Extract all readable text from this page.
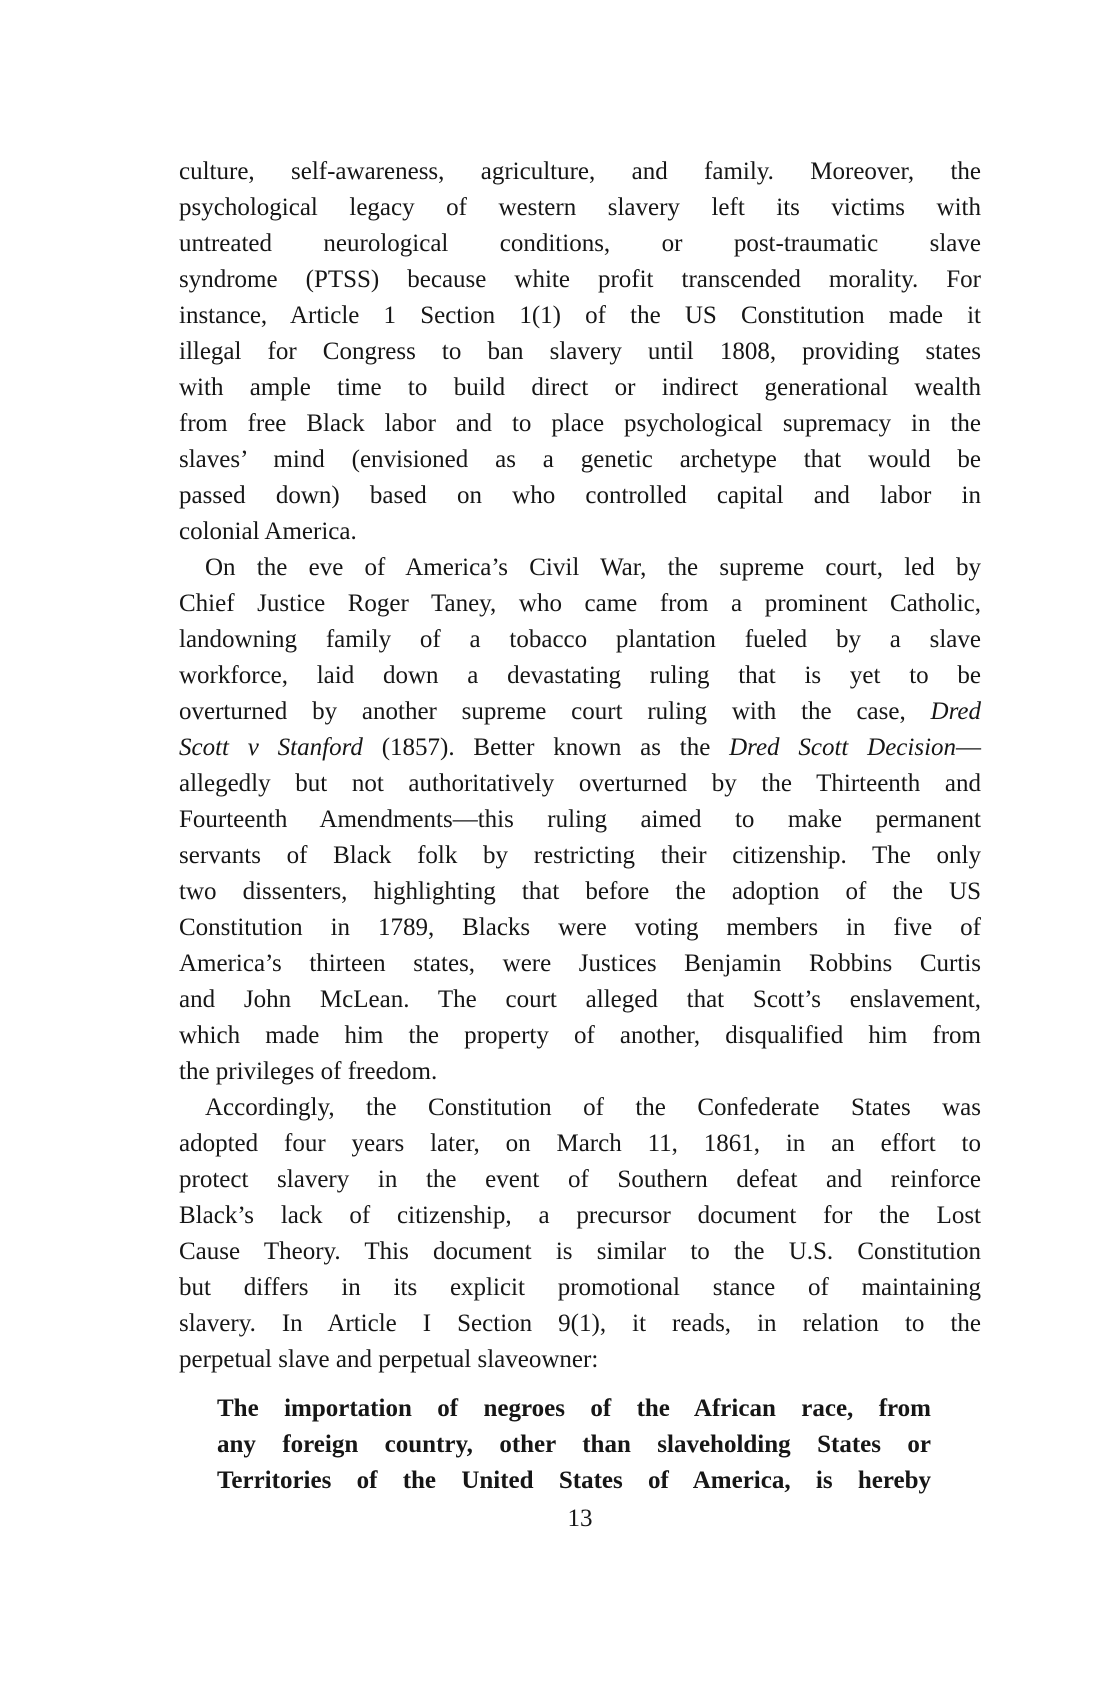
culture, self-awareness, agriculture, and family. Moreover, the
psychological legacy of western slavery left its victims with
untreated neurological conditions, or post-traumatic slave
syndrome (PTSS) because white profit transcended morality. For
instance, Article 1 Section 1(1) of the US Constitution made it
illegal for Congress to ban slavery until 1808, providing states
with ample time to build direct or indirect generational wealth
from free Black labor and to place psychological supremacy in the
slaves’ mind (envisioned as a genetic archetype that would be
passed down) based on who controlled capital and labor in
colonial America.
On the eve of America’s Civil War, the supreme court, led by
Chief Justice Roger Taney, who came from a prominent Catholic,
landowning family of a tobacco plantation fueled by a slave
workforce, laid down a devastating ruling that is yet to be
overturned by another supreme court ruling with the case, Dred
Scott v Stanford (1857). Better known as the Dred Scott Decision—
allegedly but not authoritatively overturned by the Thirteenth and
Fourteenth Amendments—this ruling aimed to make permanent
servants of Black folk by restricting their citizenship. The only
two dissenters, highlighting that before the adoption of the US
Constitution in 1789, Blacks were voting members in five of
America’s thirteen states, were Justices Benjamin Robbins Curtis
and John McLean. The court alleged that Scott’s enslavement,
which made him the property of another, disqualified him from
the privileges of freedom.
Accordingly, the Constitution of the Confederate States was
adopted four years later, on March 11, 1861, in an effort to
protect slavery in the event of Southern defeat and reinforce
Black’s lack of citizenship, a precursor document for the Lost
Cause Theory. This document is similar to the U.S. Constitution
but differs in its explicit promotional stance of maintaining
slavery. In Article I Section 9(1), it reads, in relation to the
perpetual slave and perpetual slaveowner:
The importation of negroes of the African race, from
any foreign country, other than slaveholding States or
Territories of the United States of America, is hereby
13
